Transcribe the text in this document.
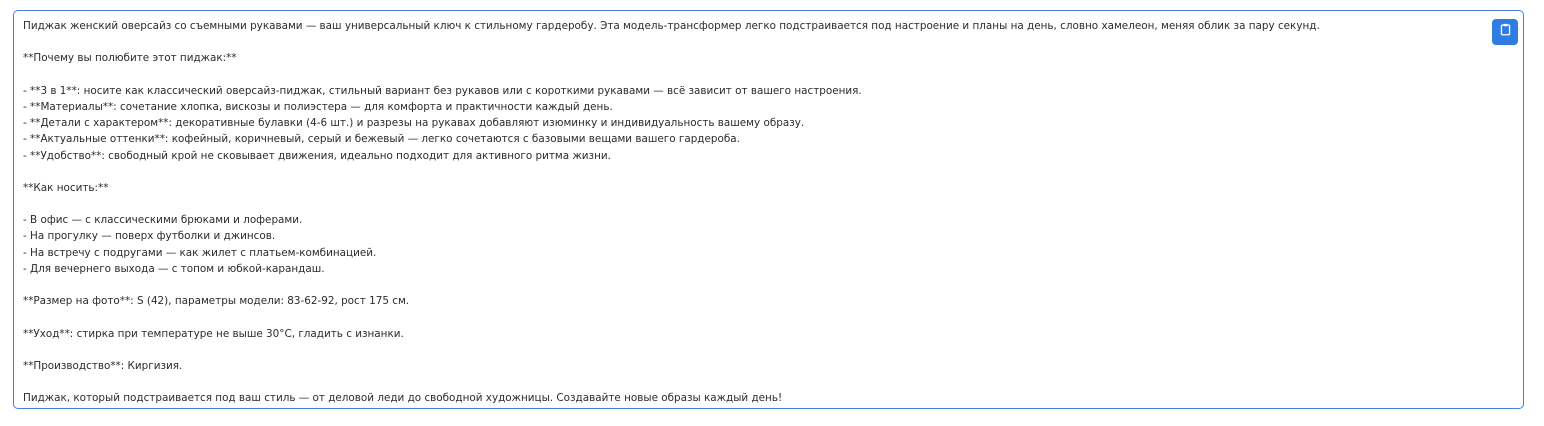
Пиджак женский оверсайз со съемными рукавами — ваш универсальный ключ к стильному гардеробу. Эта модель-трансформер легко подстраивается под настроение и планы на день, словно хамелеон, меняя облик за пару секунд.
**Почему вы полюбите этот пиджак:**
- **3 в 1**: носите как классический оверсайз-пиджак, стильный вариант без рукавов или с короткими рукавами — всё зависит от вашего настроения.
- **Материалы**: сочетание хлопка, вискозы и полиэстера — для комфорта и практичности каждый день.
- **Детали с характером**: декоративные булавки (4-6 шт.) и разрезы на рукавах добавляют изюминку и индивидуальность вашему образу.
- **Актуальные оттенки**: кофейный, коричневый, серый и бежевый — легко сочетаются с базовыми вещами вашего гардероба.
- **Удобство**: свободный крой не сковывает движения, идеально подходит для активного ритма жизни.
**Как носить:**
- В офис — с классическими брюками и лоферами.
- На прогулку — поверх футболки и джинсов.
- На встречу с подругами — как жилет с платьем-комбинацией.
- Для вечернего выхода — с топом и юбкой-карандаш.
**Размер на фото**: S (42), параметры модели: 83-62-92, рост 175 см.
**Уход**: стирка при температуре не выше 30°C, гладить с изнанки.
**Производство**: Киргизия.
Пиджак, который подстраивается под ваш стиль — от деловой леди до свободной художницы. Создавайте новые образы каждый день!
